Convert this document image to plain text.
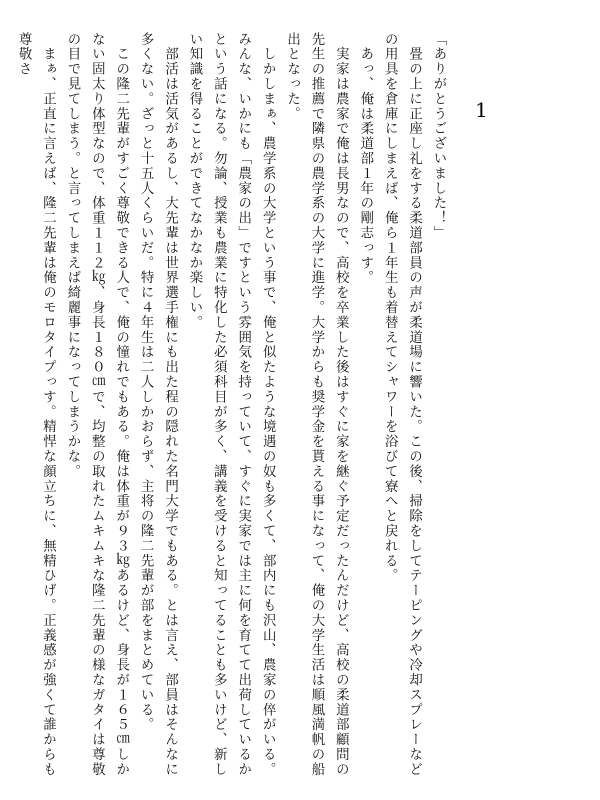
1

「ありがとうございました！」

　畳の上に正座し礼をする柔道部員の声が柔道場に響いた。この後、掃除をしてテーピングや冷却スプレーなどの用具を倉庫にしまえば、俺ら１年生も着替えてシャワーを浴びて寮へと戻れる。

　あっ、俺は柔道部１年の剛志っす。

　実家は農家で俺は長男なので、高校を卒業した後はすぐに家を継ぐ予定だったんだけど、高校の柔道部顧問の先生の推薦で隣県の農学系の大学に進学。大学からも奨学金を貰える事になって、俺の大学生活は順風満帆の船出となった。

　しかしまぁ、農学系の大学という事で、俺と似たような境遇の奴も多くて、部内にも沢山、農家の倅がいる。みんな、いかにも「農家の出」ですという雰囲気を持っていて、すぐに実家では主に何を育てて出荷しているかという話になる。勿論、授業も農業に特化した必須科目が多く、講義を受けると知ってることも多いけど、新しい知識を得ることができてなかなか楽しい。

　部活は活気があるし、大先輩は世界選手権にも出た程の隠れた名門大学でもある。とは言え、部員はそんなに多くない。ざっと十五人くらいだ。特に４年生は二人しかおらず、主将の隆二先輩が部をまとめている。

　この隆二先輩がすごく尊敬できる人で、俺の憧れでもある。俺は体重が９３㎏あるけど、身長が１６５㎝しかない固太り体型なので、体重１１２㎏、身長１８０㎝で、均整の取れたムキムキな隆二先輩の様なガタイは尊敬の目で見てしまう。と言ってしまえば綺麗事になってしまうかな。

　まぁ、正直に言えば、隆二先輩は俺のモロタイプっす。精悍な顔立ちに、無精ひげ。正義感が強くて誰からも尊敬さ
